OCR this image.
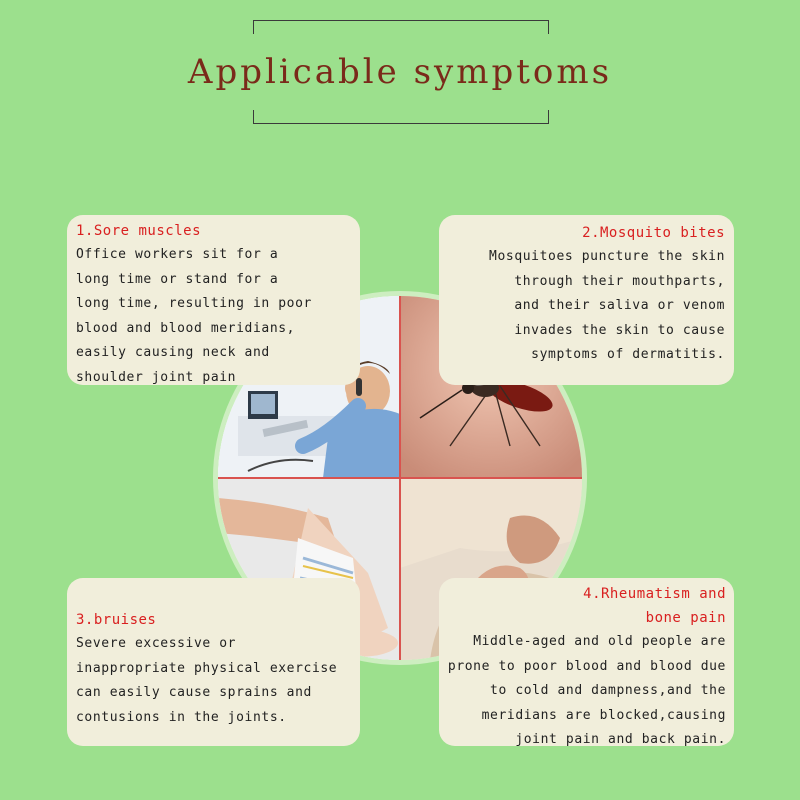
Applicable symptoms
1.Sore muscles
Office workers sit for a
long time or stand for a
long time, resulting in poor
blood and blood meridians,
easily causing neck and
shoulder joint pain
2.Mosquito bites
Mosquitoes puncture the skin
through their mouthparts,
and their saliva or venom
invades the skin to cause
symptoms of dermatitis.
3.bruises
Severe excessive or
inappropriate physical exercise
can easily cause sprains and
contusions in the joints.
4.Rheumatism and
bone pain
Middle-aged and old people are
prone to poor blood and blood due
to cold and dampness,and the
meridians are blocked,causing
joint pain and back pain.
